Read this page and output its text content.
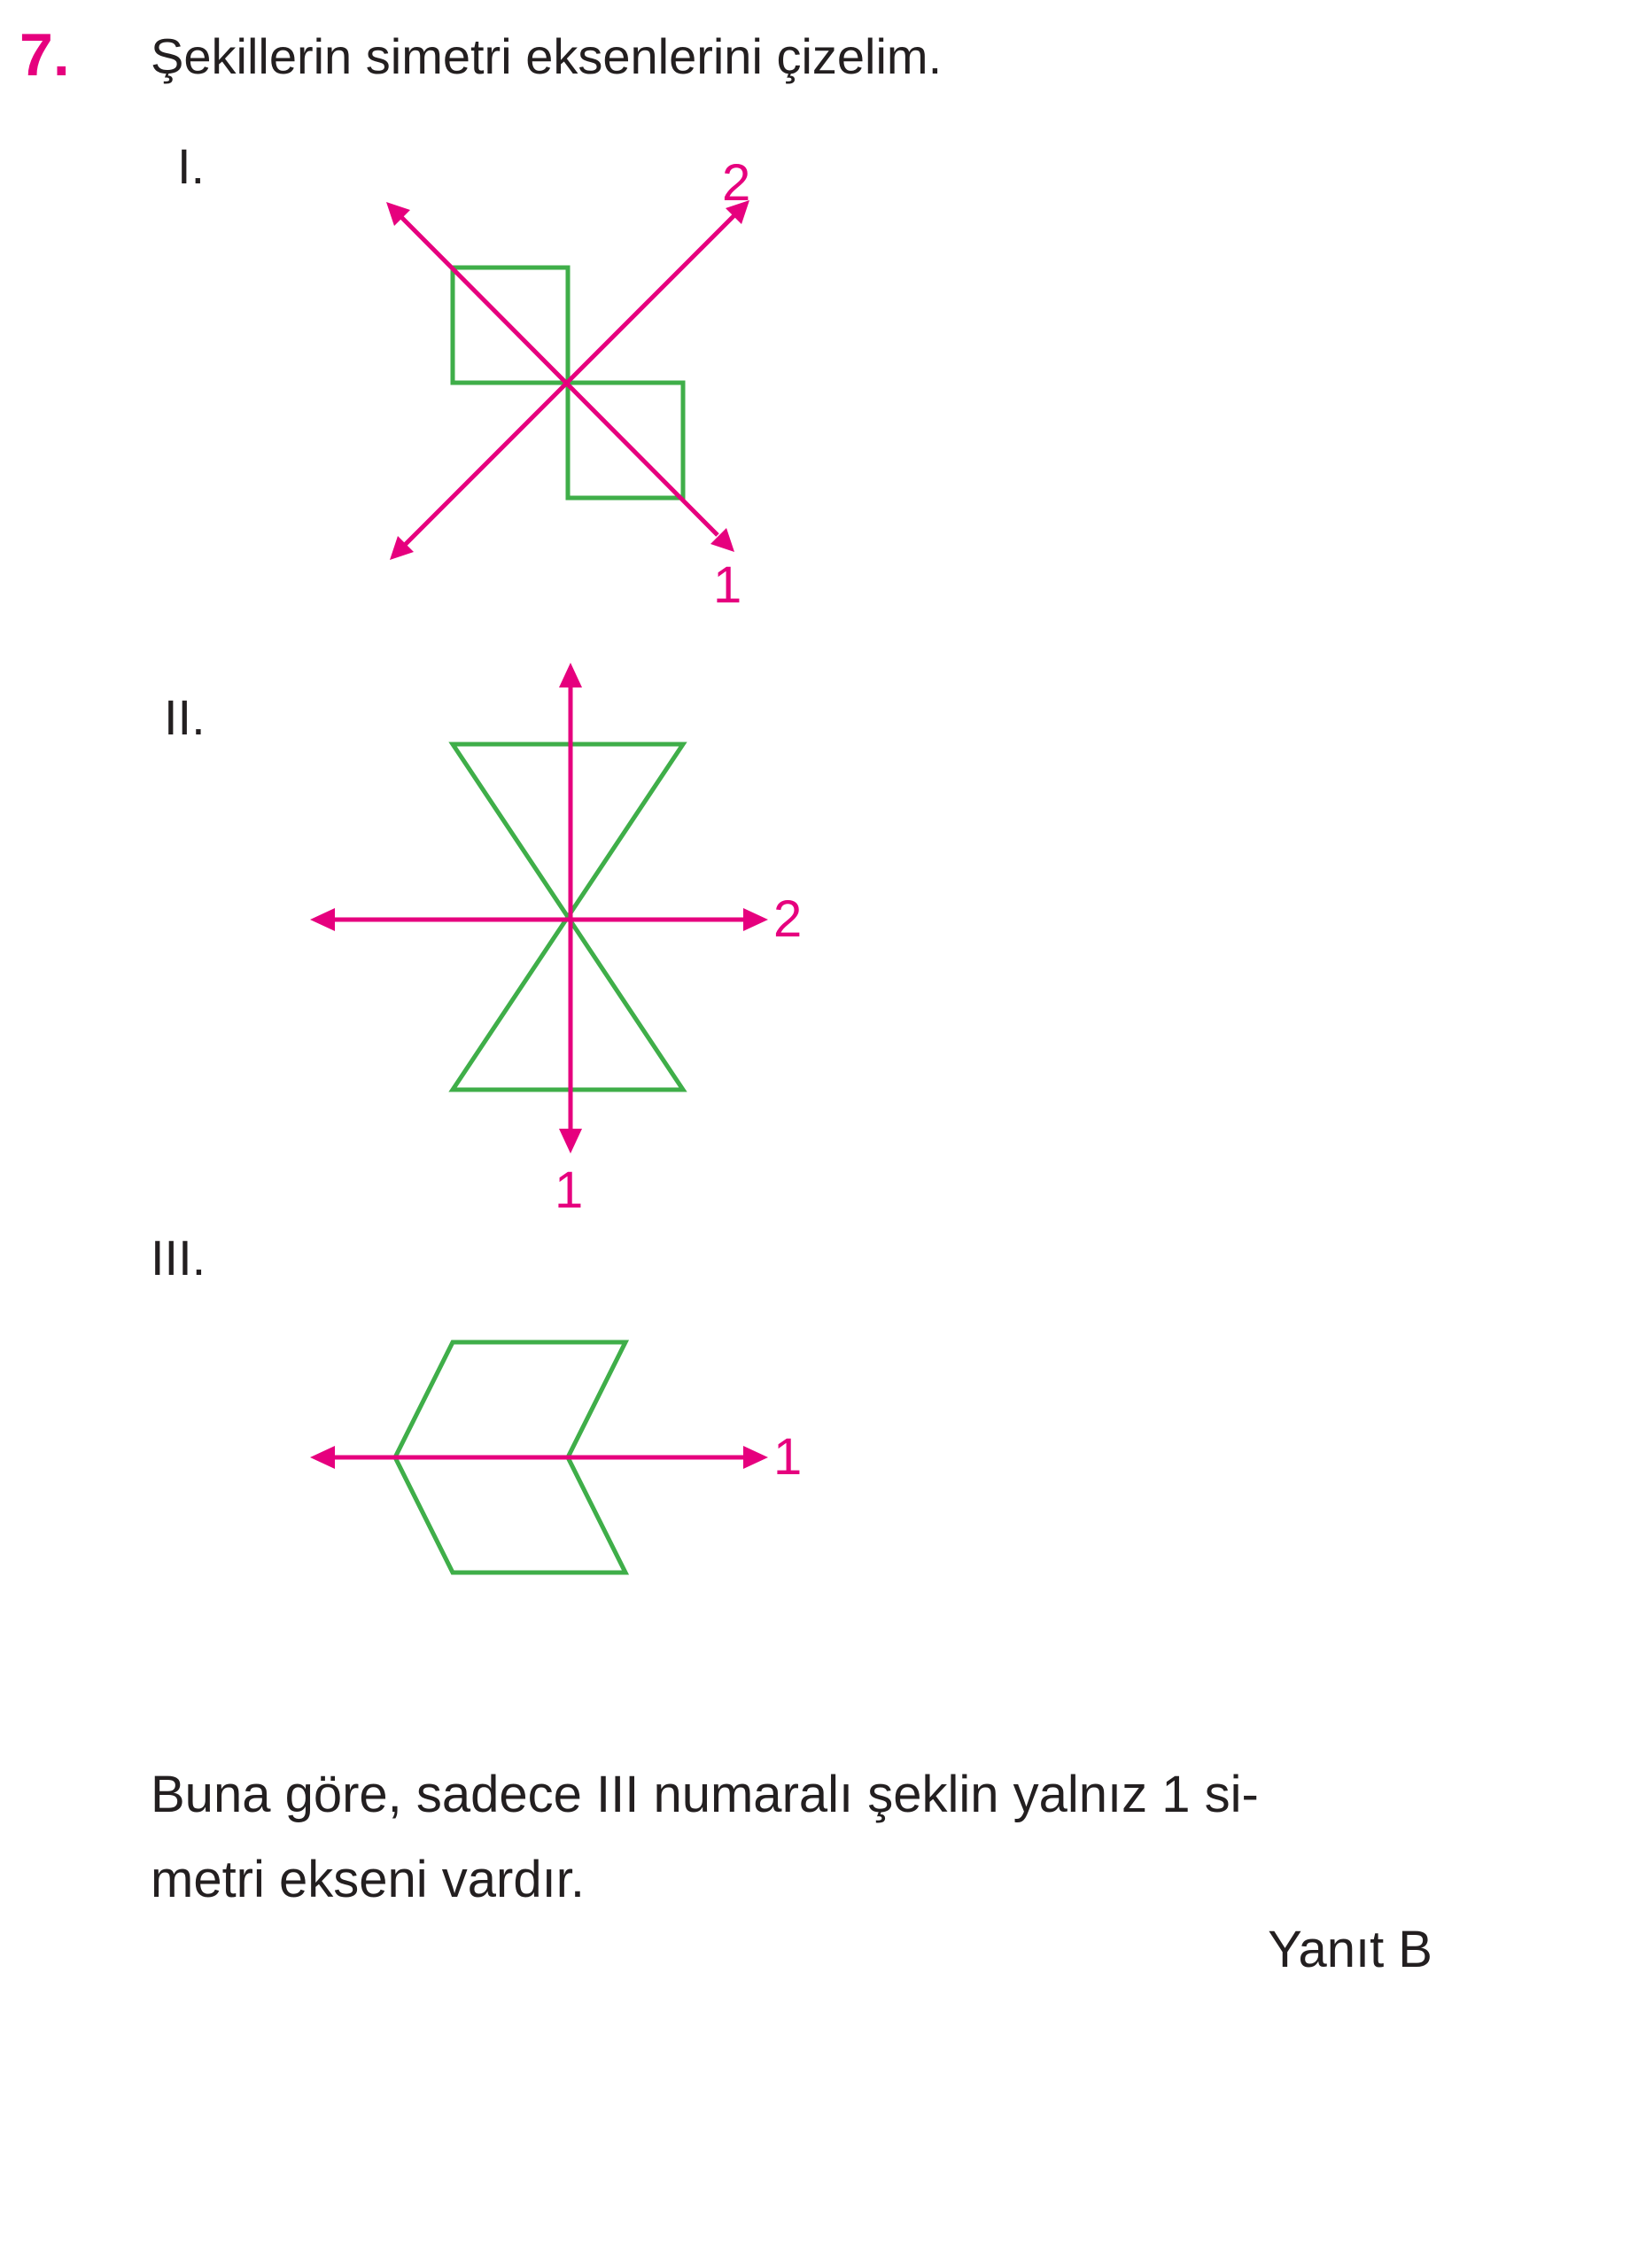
7. Şekillerin simetri eksenlerini çizelim.
I.
II.
III.
2
1
2
1
1

Buna göre, sadece III numaralı şeklin yalnız 1 si-
metri ekseni vardır.

Yanıt B
